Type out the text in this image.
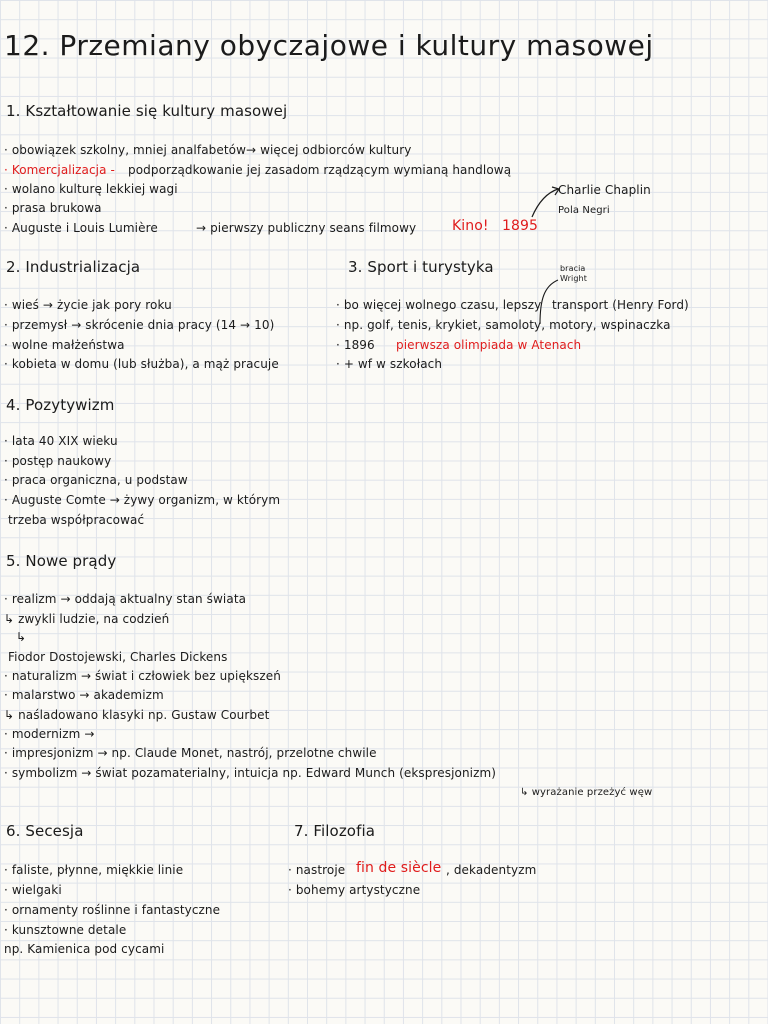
12. Przemiany obyczajowe i kultury masowej
1. Kształtowanie się kultury masowej
· obowiązek szkolny, mniej analfabetów → więcej odbiorców kultury
· Komercjalizacja - podporządkowanie jej zasadom rządzącym wymianą handlową
· wolano kulturę lekkiej wagi
· prasa brukowa
· Auguste i Louis Lumière	→ pierwszy publiczny seans filmowy	Kino! 1895
Charlie Chaplin
Pola Negri
2. Industrializacja
· wieś → życie jak pory roku
· przemysł → skrócenie dnia pracy (14 → 10)
· wolne małżeństwa
· kobieta w domu (lub służba), a mąż pracuje
3. Sport i turystyka	bracia
Wright
· bo więcej wolnego czasu, lepszy transport (Henry Ford)
· np. golf, tenis, krykiet, samoloty, motory, wspinaczka
· 1896 pierwsza olimpiada w Atenach
· + wf w szkołach
4. Pozytywizm
· lata 40 XIX wieku
· postęp naukowy
· praca organiczna, u podstaw
· Auguste Comte → żywy organizm, w którym
trzeba współpracować
5. Nowe prądy
· realizm → oddają aktualny stan świata
↳ zwykli ludzie, na codzień
↳
Fiodor Dostojewski, Charles Dickens
· naturalizm → świat i człowiek bez upiększeń
· malarstwo → akademizm
↳ naśladowano klasyki np. Gustaw Courbet
· modernizm →
· impresjonizm → np. Claude Monet, nastrój, przelotne chwile
· symbolizm → świat pozamaterialny, intuicja np. Edward Munch (ekspresjonizm)
↳ wyrażanie przeżyć węw
6. Secesja
· faliste, płynne, miękkie linie
· wielgaki
· ornamenty roślinne i fantastyczne
· kunsztowne detale
np. Kamienica pod cycami
7. Filozofia
· nastroje fin de siècle , dekadentyzm
· bohemy artystyczne
